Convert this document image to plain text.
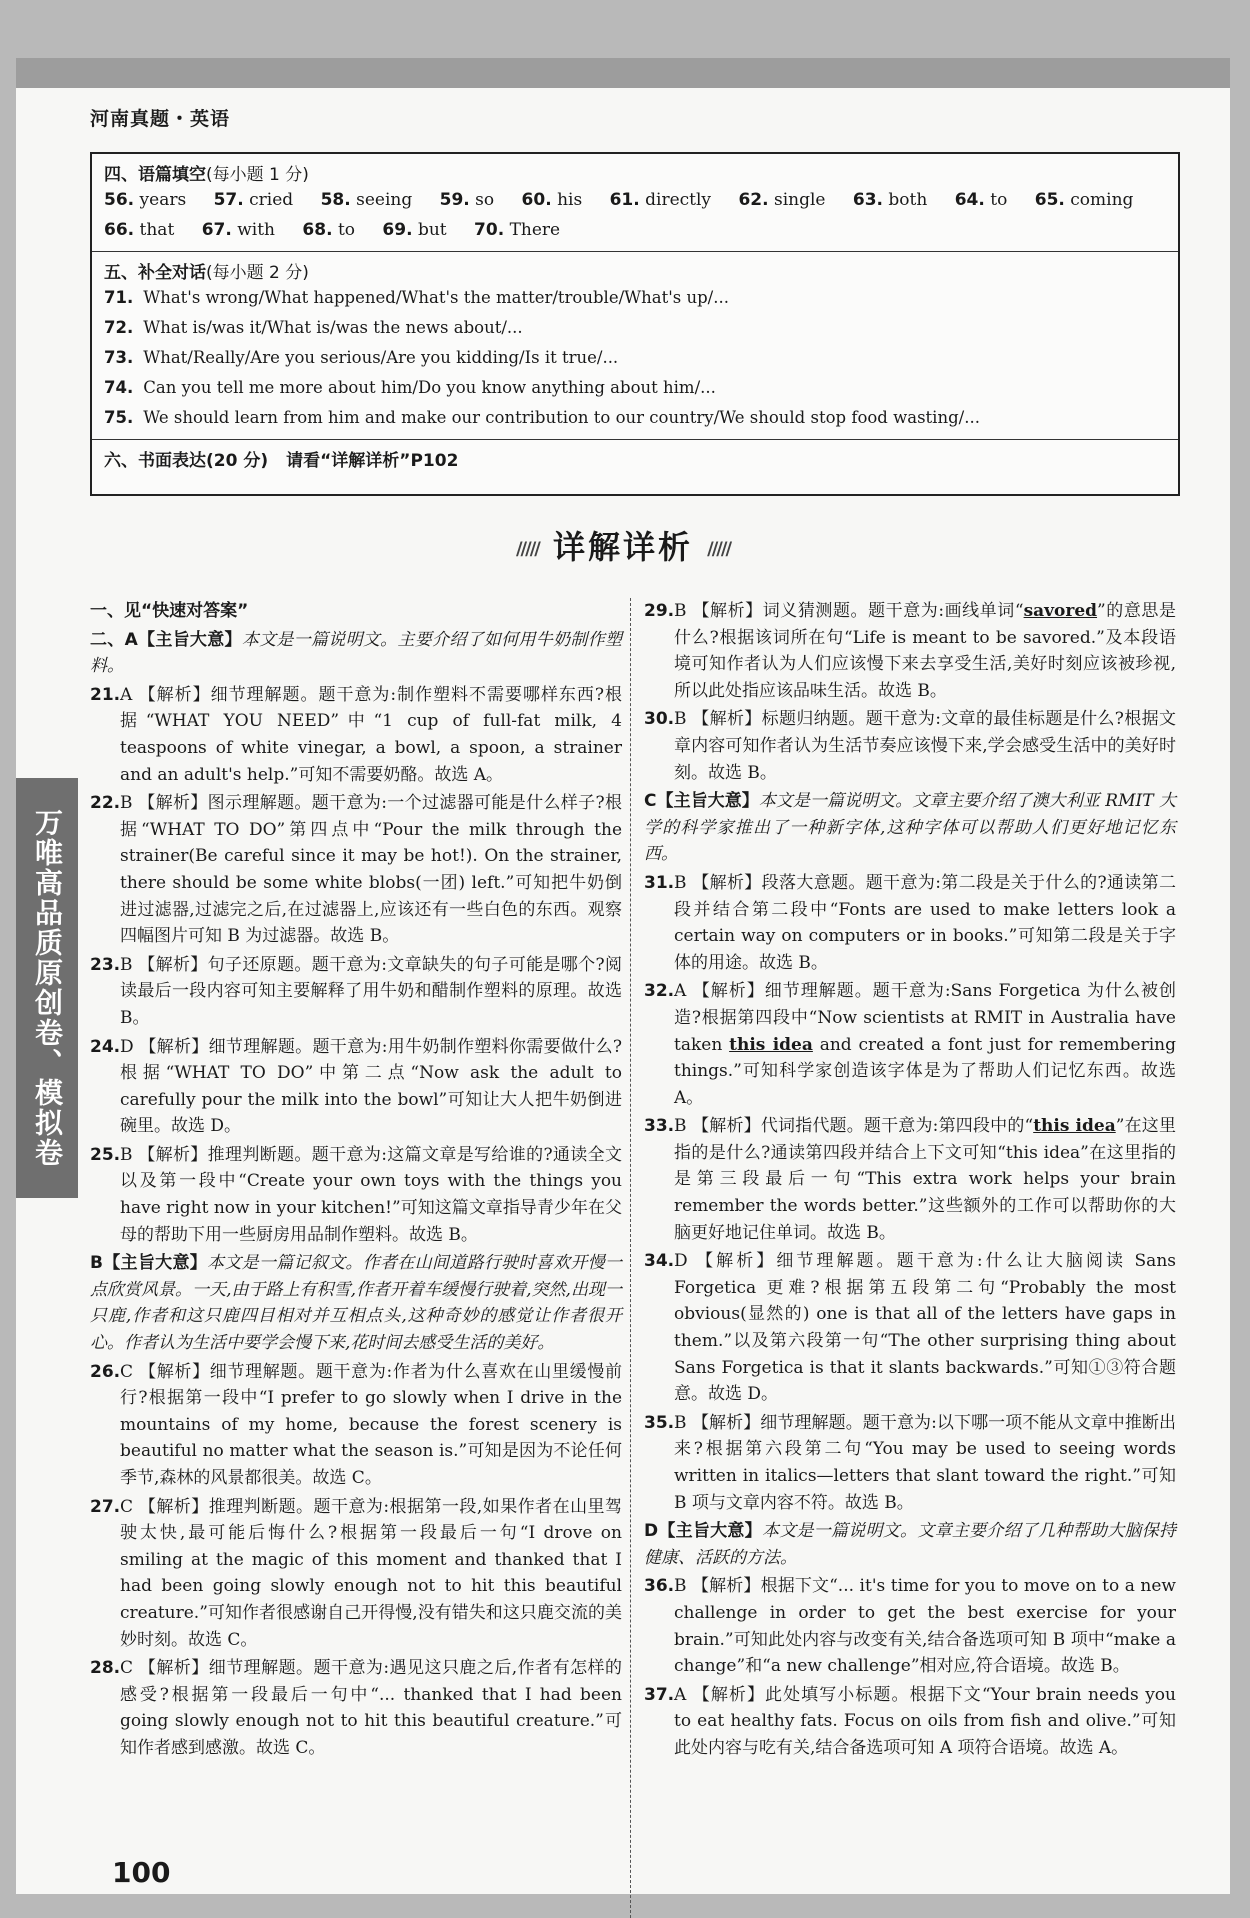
河南真题・英语
四、语篇填空(每小题 1 分)
56. years 57. cried 58. seeing 59. so 60. his 61. directly 62. single 63. both 64. to 65. coming
66. that 67. with 68. to 69. but 70. There
五、补全对话(每小题 2 分)
71. What's wrong/What happened/What's the matter/trouble/What's up/...
72. What is/was it/What is/was the news about/...
73. What/Really/Are you serious/Are you kidding/Is it true/...
74. Can you tell me more about him/Do you know anything about him/...
75. We should learn from him and make our contribution to our country/We should stop food wasting/...
六、书面表达(20 分) 请看“详解详析”P102
///// 详解详析 /////
万唯高品质原创卷、模拟卷

一、见“快速对答案”

二、A【主旨大意】本文是一篇说明文。主要介绍了如何用牛奶制作塑料。

21.A 【解析】细节理解题。题干意为:制作塑料不需要哪样东西?根据“WHAT YOU NEED”中“1 cup of full-fat milk, 4 teaspoons of white vinegar, a bowl, a spoon, a strainer and an adult's help.”可知不需要奶酪。故选 A。

22.B 【解析】图示理解题。题干意为:一个过滤器可能是什么样子?根据“WHAT TO DO”第四点中“Pour the milk through the strainer(Be careful since it may be hot!). On the strainer, there should be some white blobs(一团) left.”可知把牛奶倒进过滤器,过滤完之后,在过滤器上,应该还有一些白色的东西。观察四幅图片可知 B 为过滤器。故选 B。

23.B 【解析】句子还原题。题干意为:文章缺失的句子可能是哪个?阅读最后一段内容可知主要解释了用牛奶和醋制作塑料的原理。故选 B。

24.D 【解析】细节理解题。题干意为:用牛奶制作塑料你需要做什么?根据“WHAT TO DO”中第二点“Now ask the adult to carefully pour the milk into the bowl”可知让大人把牛奶倒进碗里。故选 D。

25.B 【解析】推理判断题。题干意为:这篇文章是写给谁的?通读全文以及第一段中“Create your own toys with the things you have right now in your kitchen!”可知这篇文章指导青少年在父母的帮助下用一些厨房用品制作塑料。故选 B。

B【主旨大意】本文是一篇记叙文。作者在山间道路行驶时喜欢开慢一点欣赏风景。一天,由于路上有积雪,作者开着车缓慢行驶着,突然,出现一只鹿,作者和这只鹿四目相对并互相点头,这种奇妙的感觉让作者很开心。作者认为生活中要学会慢下来,花时间去感受生活的美好。

26.C 【解析】细节理解题。题干意为:作者为什么喜欢在山里缓慢前行?根据第一段中“I prefer to go slowly when I drive in the mountains of my home, because the forest scenery is beautiful no matter what the season is.”可知是因为不论任何季节,森林的风景都很美。故选 C。

27.C 【解析】推理判断题。题干意为:根据第一段,如果作者在山里驾驶太快,最可能后悔什么?根据第一段最后一句“I drove on smiling at the magic of this moment and thanked that I had been going slowly enough not to hit this beautiful creature.”可知作者很感谢自己开得慢,没有错失和这只鹿交流的美妙时刻。故选 C。

28.C 【解析】细节理解题。题干意为:遇见这只鹿之后,作者有怎样的感受?根据第一段最后一句中“... thanked that I had been going slowly enough not to hit this beautiful creature.”可知作者感到感激。故选 C。

29.B 【解析】词义猜测题。题干意为:画线单词“savored”的意思是什么?根据该词所在句“Life is meant to be savored.”及本段语境可知作者认为人们应该慢下来去享受生活,美好时刻应该被珍视,所以此处指应该品味生活。故选 B。

30.B 【解析】标题归纳题。题干意为:文章的最佳标题是什么?根据文章内容可知作者认为生活节奏应该慢下来,学会感受生活中的美好时刻。故选 B。

C【主旨大意】本文是一篇说明文。文章主要介绍了澳大利亚 RMIT 大学的科学家推出了一种新字体,这种字体可以帮助人们更好地记忆东西。

31.B 【解析】段落大意题。题干意为:第二段是关于什么的?通读第二段并结合第二段中“Fonts are used to make letters look a certain way on computers or in books.”可知第二段是关于字体的用途。故选 B。

32.A 【解析】细节理解题。题干意为:Sans Forgetica 为什么被创造?根据第四段中“Now scientists at RMIT in Australia have taken this idea and created a font just for remembering things.”可知科学家创造该字体是为了帮助人们记忆东西。故选 A。

33.B 【解析】代词指代题。题干意为:第四段中的“this idea”在这里指的是什么?通读第四段并结合上下文可知“this idea”在这里指的是第三段最后一句“This extra work helps your brain remember the words better.”这些额外的工作可以帮助你的大脑更好地记住单词。故选 B。

34.D 【解析】细节理解题。题干意为:什么让大脑阅读 Sans Forgetica 更难?根据第五段第二句“Probably the most obvious(显然的) one is that all of the letters have gaps in them.”以及第六段第一句“The other surprising thing about Sans Forgetica is that it slants backwards.”可知①③符合题意。故选 D。

35.B 【解析】细节理解题。题干意为:以下哪一项不能从文章中推断出来?根据第六段第二句“You may be used to seeing words written in italics—letters that slant toward the right.”可知 B 项与文章内容不符。故选 B。

D【主旨大意】本文是一篇说明文。文章主要介绍了几种帮助大脑保持健康、活跃的方法。

36.B 【解析】根据下文“... it's time for you to move on to a new challenge in order to get the best exercise for your brain.”可知此处内容与改变有关,结合备选项可知 B 项中“make a change”和“a new challenge”相对应,符合语境。故选 B。

37.A 【解析】此处填写小标题。根据下文“Your brain needs you to eat healthy fats. Focus on oils from fish and olive.”可知此处内容与吃有关,结合备选项可知 A 项符合语境。故选 A。

100
